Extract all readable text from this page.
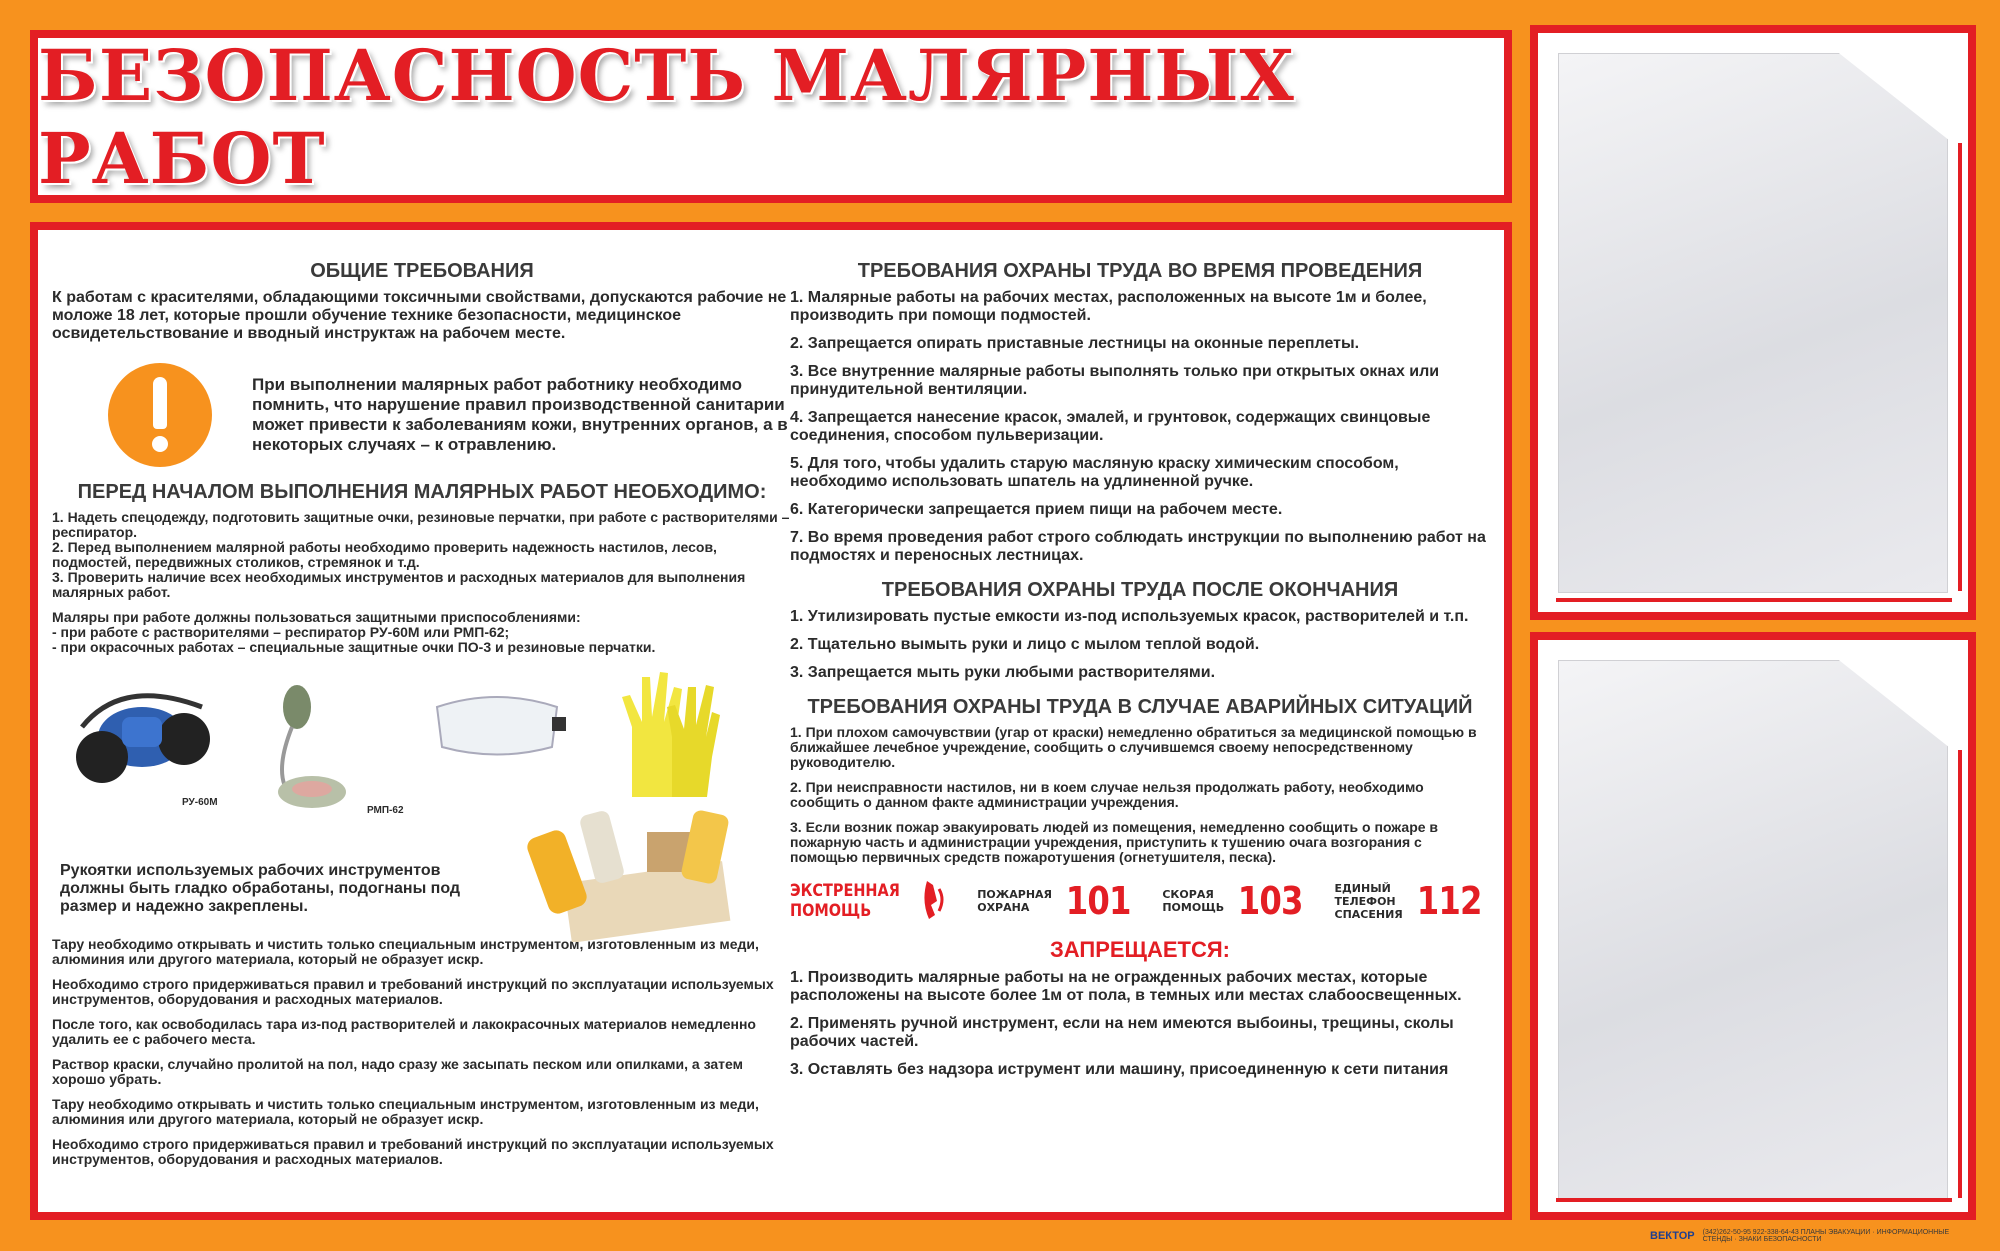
БЕЗОПАСНОСТЬ МАЛЯРНЫХ РАБОТ
ОБЩИЕ ТРЕБОВАНИЯ

К работам с красителями, обладающими токсичными свойствами, допускаются рабочие не моложе 18 лет, которые прошли обучение технике безопасности, медицинское освидетельствование и вводный инструктаж на рабочем месте.

При выполнении малярных работ работнику необходимо помнить, что нарушение правил производственной санитарии может привести к заболеваниям кожи, внутренних органов, а в некоторых случаях – к отравлению.

ПЕРЕД НАЧАЛОМ ВЫПОЛНЕНИЯ МАЛЯРНЫХ РАБОТ НЕОБХОДИМО:

1. Надеть спецодежду, подготовить защитные очки, резиновые перчатки, при работе с растворителями – респиратор.

2. Перед выполнением малярной работы необходимо проверить надежность настилов, лесов, подмостей, передвижных столиков, стремянок и т.д.

3. Проверить наличие всех необходимых инструментов и расходных материалов для выполнения малярных работ.

Маляры при работе должны пользоваться защитными приспособлениями:

- при работе с растворителями – респиратор РУ-60М или РМП-62;

- при окрасочных работах – специальные защитные очки ПО-3 и резиновые перчатки.

РУ-60М
РМП-62

Рукоятки используемых рабочих инструментов должны быть гладко обработаны, подогнаны под размер и надежно закреплены.

Тару необходимо открывать и чистить только специальным инструментом, изготовленным из меди, алюминия или другого материала, который не образует искр.

Необходимо строго придерживаться правил и требований инструкций по эксплуатации используемых инструментов, оборудования и расходных материалов.

После того, как освободилась тара из-под растворителей и лакокрасочных материалов немедленно удалить ее с рабочего места.

Раствор краски, случайно пролитой на пол, надо сразу же засыпать песком или опилками, а затем хорошо убрать.

Тару необходимо открывать и чистить только специальным инструментом, изготовленным из меди, алюминия или другого материала, который не образует искр.

Необходимо строго придерживаться правил и требований инструкций по эксплуатации используемых инструментов, оборудования и расходных материалов.

ТРЕБОВАНИЯ ОХРАНЫ ТРУДА ВО ВРЕМЯ ПРОВЕДЕНИЯ

1. Малярные работы на рабочих местах, расположенных на высоте 1м и более, производить при помощи подмостей.

2. Запрещается опирать приставные лестницы на оконные переплеты.

3. Все внутренние малярные работы выполнять только при открытых окнах или принудительной вентиляции.

4. Запрещается нанесение красок, эмалей, и грунтовок, содержащих свинцовые соединения, способом пульверизации.

5. Для того, чтобы удалить старую масляную краску химическим способом, необходимо использовать шпатель на удлиненной ручке.

6. Категорически запрещается прием пищи на рабочем месте.

7. Во время проведения работ строго соблюдать инструкции по выполнению работ на подмостях и переносных лестницах.

ТРЕБОВАНИЯ ОХРАНЫ ТРУДА ПОСЛЕ ОКОНЧАНИЯ

1. Утилизировать пустые емкости из-под используемых красок, растворителей и т.п.

2. Тщательно вымыть руки и лицо с мылом теплой водой.

3. Запрещается мыть руки любыми растворителями.

ТРЕБОВАНИЯ ОХРАНЫ ТРУДА В СЛУЧАЕ АВАРИЙНЫХ СИТУАЦИЙ

1. При плохом самочувствии (угар от краски) немедленно обратиться за медицинской помощью в ближайшее лечебное учреждение, сообщить о случившемся своему непосредственному руководителю.

2. При неисправности настилов, ни в коем случае нельзя продолжать работу, необходимо сообщить о данном факте администрации учреждения.

3. Если возник пожар эвакуировать людей из помещения, немедленно сообщить о пожаре в пожарную часть и администрации учреждения, приступить к тушению очага возгорания с помощью первичных средств пожаротушения (огнетушителя, песка).

ЭКСТРЕННАЯ
ПОМОЩЬ
ПОЖАРНАЯ
ОХРАНА 101	СКОРАЯ
ПОМОЩЬ 103	ЕДИНЫЙ ТЕЛЕФОН
СПАСЕНИЯ 112
ЗАПРЕЩАЕТСЯ:

1. Производить малярные работы на не огражденных рабочих местах, которые расположены на высоте более 1м от пола, в темных или местах слабоосвещенных.

2. Применять ручной инструмент, если на нем имеются выбоины, трещины, сколы рабочих частей.

3. Оставлять без надзора иструмент или машину, присоединенную к сети питания

ВЕКТОР (342)262-50-95 922-338-64-43 ПЛАНЫ ЭВАКУАЦИИ · ИНФОРМАЦИОННЫЕ СТЕНДЫ · ЗНАКИ БЕЗОПАСНОСТИ
